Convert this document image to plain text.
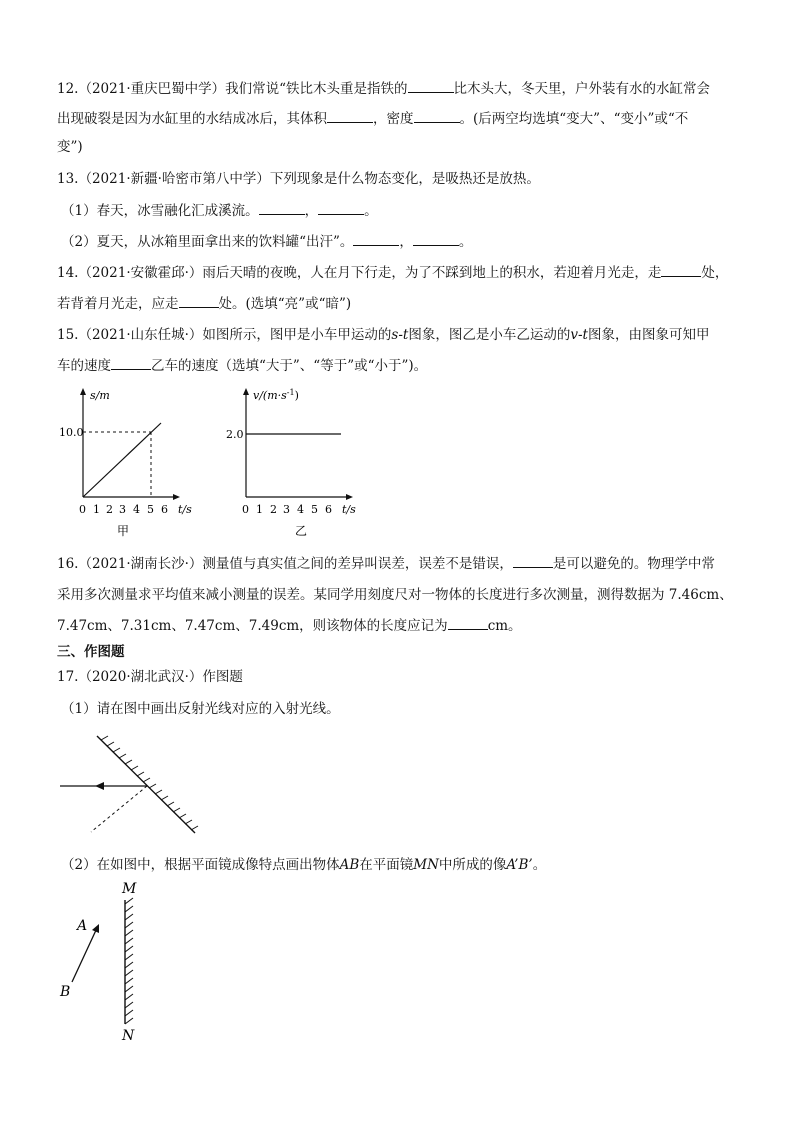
12.（2021·重庆巴蜀中学）我们常说“铁比木头重是指铁的	比木头大，冬天里，户外装有水的水缸常会
出现破裂是因为水缸里的水结成冰后，其体积	，密度	。(后两空均选填“变大”、“变小”或“不
变”)
13.（2021·新疆·哈密市第八中学）下列现象是什么物态变化，是吸热还是放热。
（1）春天，冰雪融化汇成溪流。	，	。
（2）夏天，从冰箱里面拿出来的饮料罐“出汗”。	，	。
14.（2021·安徽霍邱·）雨后天晴的夜晚，人在月下行走，为了不踩到地上的积水，若迎着月光走，走	处，
若背着月光走，应走	处。(选填“亮”或“暗”)
15.（2021·山东任城·）如图所示，图甲是小车甲运动的s-t图象，图乙是小车乙运动的v-t图象，由图象可知甲
车的速度	乙车的速度（选填“大于”、“等于”或“小于”)。
s/m
10.0
t/s
0 1 2 3 4 5 6
甲
$v/(m\cdot s^{-1})$
2.0
t/s
0 1 2 3 4 5 6
乙
16.（2021·湖南长沙·）测量值与真实值之间的差异叫误差，误差不是错误，	是可以避免的。物理学中常
采用多次测量求平均值来减小测量的误差。某同学用刻度尺对一物体的长度进行多次测量，测得数据为 7.46cm、
7.47cm、7.31cm、7.47cm、7.49cm，则该物体的长度应记为	cm。
三、作图题
17.（2020·湖北武汉·）作图题
（1）请在图中画出反射光线对应的入射光线。
（2）在如图中，根据平面镜成像特点画出物体AB在平面镜MN中所成的像A’B’。
M
N
A
B
